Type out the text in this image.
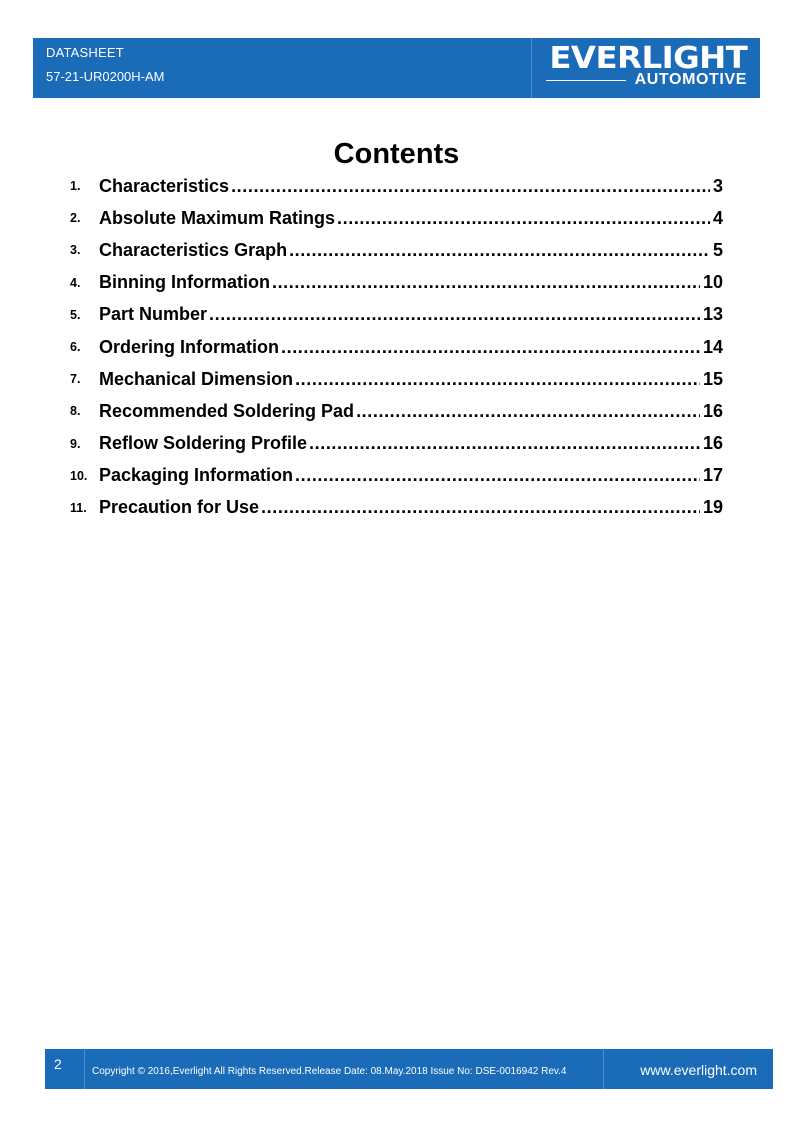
DATASHEET
57-21-UR0200H-AM
EVERLIGHT
AUTOMOTIVE
Contents
1.	Characteristics .....	3
2.	Absolute Maximum Ratings .....	4
3.	Characteristics Graph .....	5
4.	Binning Information .....	10
5.	Part Number .....	13
6.	Ordering Information .....	14
7.	Mechanical Dimension .....	15
8.	Recommended Soldering Pad .....	16
9.	Reflow Soldering Profile .....	16
10. Packaging Information .....	17
11. Precaution for Use .....	19
2	Copyright © 2016,Everlight All Rights Reserved.Release Date: 08.May.2018 Issue No: DSE-0016942 Rev.4	www.everlight.com
